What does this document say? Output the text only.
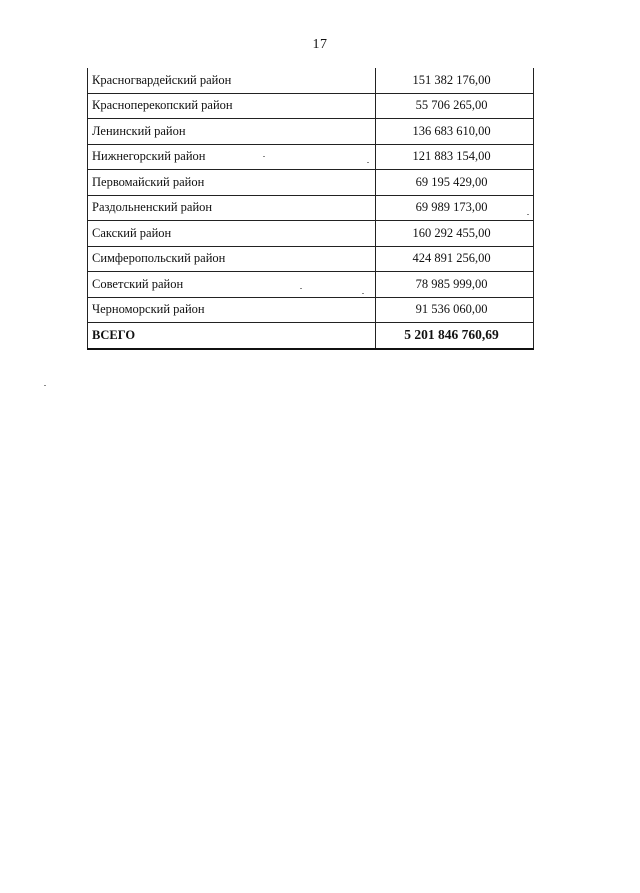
17
Красногвардейский район	151 382 176,00
Красноперекопский район	55 706 265,00
Ленинский район	136 683 610,00
Нижнегорский район	121 883 154,00
Первомайский район	69 195 429,00
Раздольненский район	69 989 173,00
Сакский район	160 292 455,00
Симферопольский район	424 891 256,00
Советский район	78 985 999,00
Черноморский район	91 536 060,00
ВСЕГО	5 201 846 760,69
